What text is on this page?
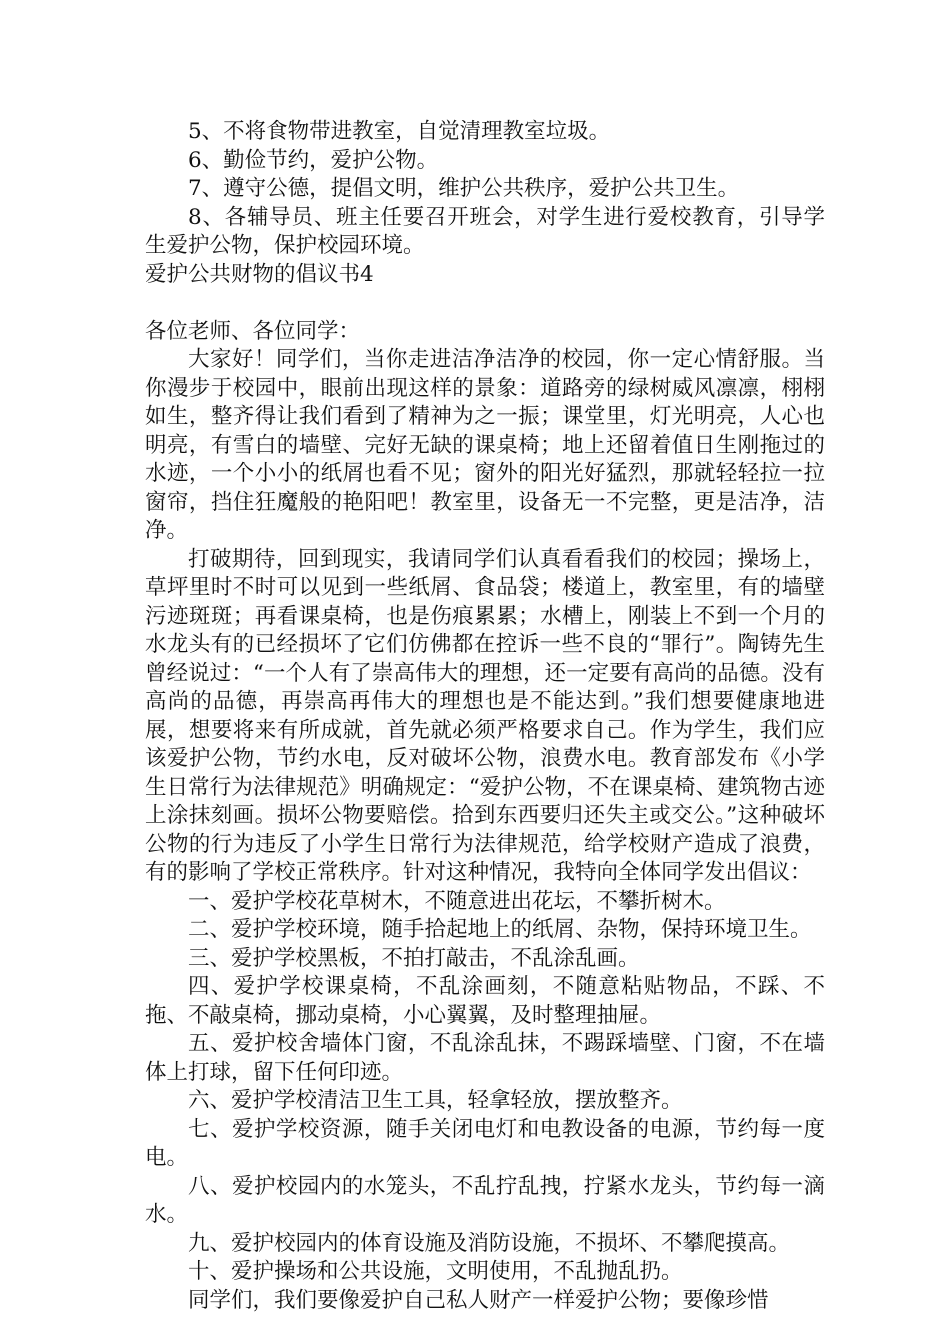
5、不将食物带进教室，自觉清理教室垃圾。

6、勤俭节约，爱护公物。

7、遵守公德，提倡文明，维护公共秩序，爱护公共卫生。

8、各辅导员、班主任要召开班会，对学生进行爱校教育，引导学生爱护公物，保护校园环境。

爱护公共财物的倡议书4

各位老师、各位同学：

大家好！同学们，当你走进洁净洁净的校园，你一定心情舒服。当你漫步于校园中，眼前出现这样的景象：道路旁的绿树威风凛凛，栩栩如生，整齐得让我们看到了精神为之一振；课堂里，灯光明亮，人心也明亮，有雪白的墙壁、完好无缺的课桌椅；地上还留着值日生刚拖过的水迹，一个小小的纸屑也看不见；窗外的阳光好猛烈，那就轻轻拉一拉窗帘，挡住狂魔般的艳阳吧！教室里，设备无一不完整，更是洁净，洁净。

打破期待，回到现实，我请同学们认真看看我们的校园；操场上，草坪里时不时可以见到一些纸屑、食品袋；楼道上，教室里，有的墙壁污迹斑斑；再看课桌椅，也是伤痕累累；水槽上，刚装上不到一个月的水龙头有的已经损坏了它们仿佛都在控诉一些不良的“罪行”。陶铸先生曾经说过：“一个人有了崇高伟大的理想，还一定要有高尚的品德。没有高尚的品德，再崇高再伟大的理想也是不能达到。”我们想要健康地进展，想要将来有所成就，首先就必须严格要求自己。作为学生，我们应该爱护公物，节约水电，反对破坏公物，浪费水电。教育部发布《小学生日常行为法律规范》明确规定：“爱护公物，不在课桌椅、建筑物古迹上涂抹刻画。损坏公物要赔偿。拾到东西要归还失主或交公。”这种破坏公物的行为违反了小学生日常行为法律规范，给学校财产造成了浪费，有的影响了学校正常秩序。针对这种情况，我特向全体同学发出倡议：

一、爱护学校花草树木，不随意进出花坛，不攀折树木。

二、爱护学校环境，随手拾起地上的纸屑、杂物，保持环境卫生。

三、爱护学校黑板，不拍打敲击，不乱涂乱画。

四、爱护学校课桌椅，不乱涂画刻，不随意粘贴物品，不踩、不拖、不敲桌椅，挪动桌椅，小心翼翼，及时整理抽屉。

五、爱护校舍墙体门窗，不乱涂乱抹，不踢踩墙壁、门窗，不在墙体上打球，留下任何印迹。

六、爱护学校清洁卫生工具，轻拿轻放，摆放整齐。

七、爱护学校资源，随手关闭电灯和电教设备的电源，节约每一度电。

八、爱护校园内的水笼头，不乱拧乱拽，拧紧水龙头，节约每一滴水。

九、爱护校园内的体育设施及消防设施，不损坏、不攀爬摸高。

十、爱护操场和公共设施，文明使用，不乱抛乱扔。

同学们，我们要像爱护自己私人财产一样爱护公物；要像珍惜
